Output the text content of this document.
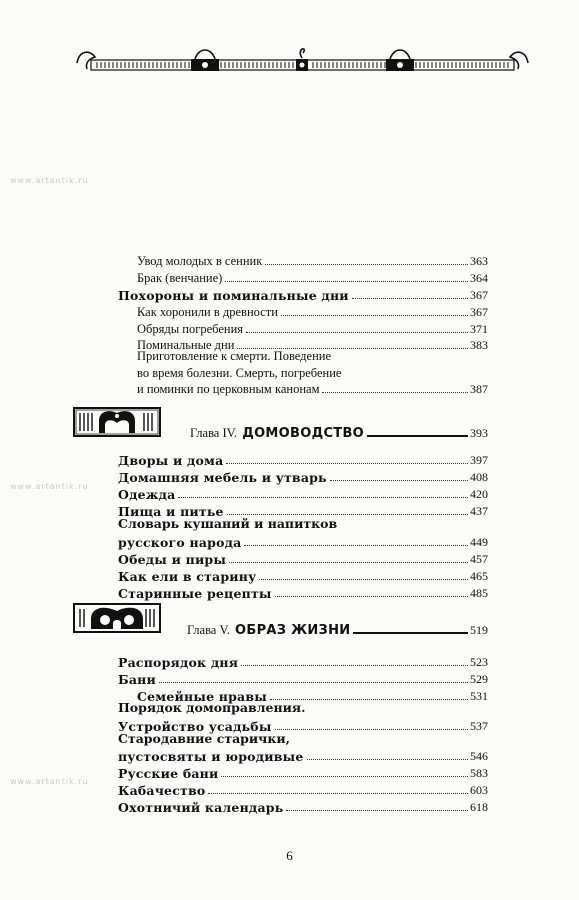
www.artantik.ru
www.artantik.ru
www.artantik.ru
Увод молодых в сенник	363
Брак (венчание)	364
Похороны и поминальные дни	367
Как хоронили в древности	367
Обряды погребения	371
Поминальные дни	383
Приготовление к смерти. Поведение
во время болезни. Смерть, погребение
и поминки по церковным канонам	387
Глава IV. ДОМОВОДСТВО	393
Дворы и дома	397
Домашняя мебель и утварь	408
Одежда	420
Пища и питье	437
Словарь кушаний и напитков
русского народа	449
Обеды и пиры	457
Как ели в старину	465
Старинные рецепты	485
Глава V. ОБРАЗ ЖИЗНИ	519
Распорядок дня	523
Бани	529
Семейные нравы	531
Порядок домоправления.
Устройство усадьбы	537
Стародавние старички,
пустосвяты и юродивые	546
Русские бани	583
Кабачество	603
Охотничий календарь	618
6
